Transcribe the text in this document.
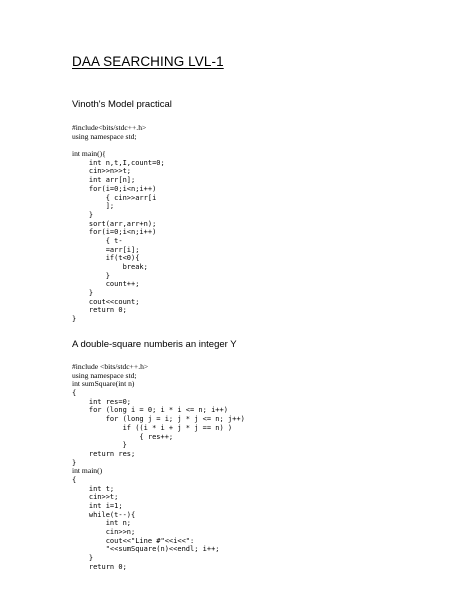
DAA SEARCHING LVL-1
Vinoth's Model practical
#include<bits/stdc++.h>
using namespace std;

int main(){
int n,t,I,count=0;
cin>>n>>t;
int arr[n];
for(i=0;i<n;i++)
{ cin>>arr[i
];
}
sort(arr,arr+n);
for(i=0;i<n;i++)
{ t-
=arr[i];
if(t<0){
break;
}
count++;
}
cout<<count;
return 0;
}
A double-square numberis an integer Y
#include <bits/stdc++.h>
using namespace std;
int sumSquare(int n)
{
int res=0;
for (long i = 0; i * i <= n; i++)
for (long j = i; j * j <= n; j++)
if ((i * i + j * j == n) )
{ res++;
}
return res;
}
int main()
{
int t;
cin>>t;
int i=1;
while(t--){
int n;
cin>>n;
cout<<"Line #"<<i<<":
"<<sumSquare(n)<<endl; i++;
}
return 0;
